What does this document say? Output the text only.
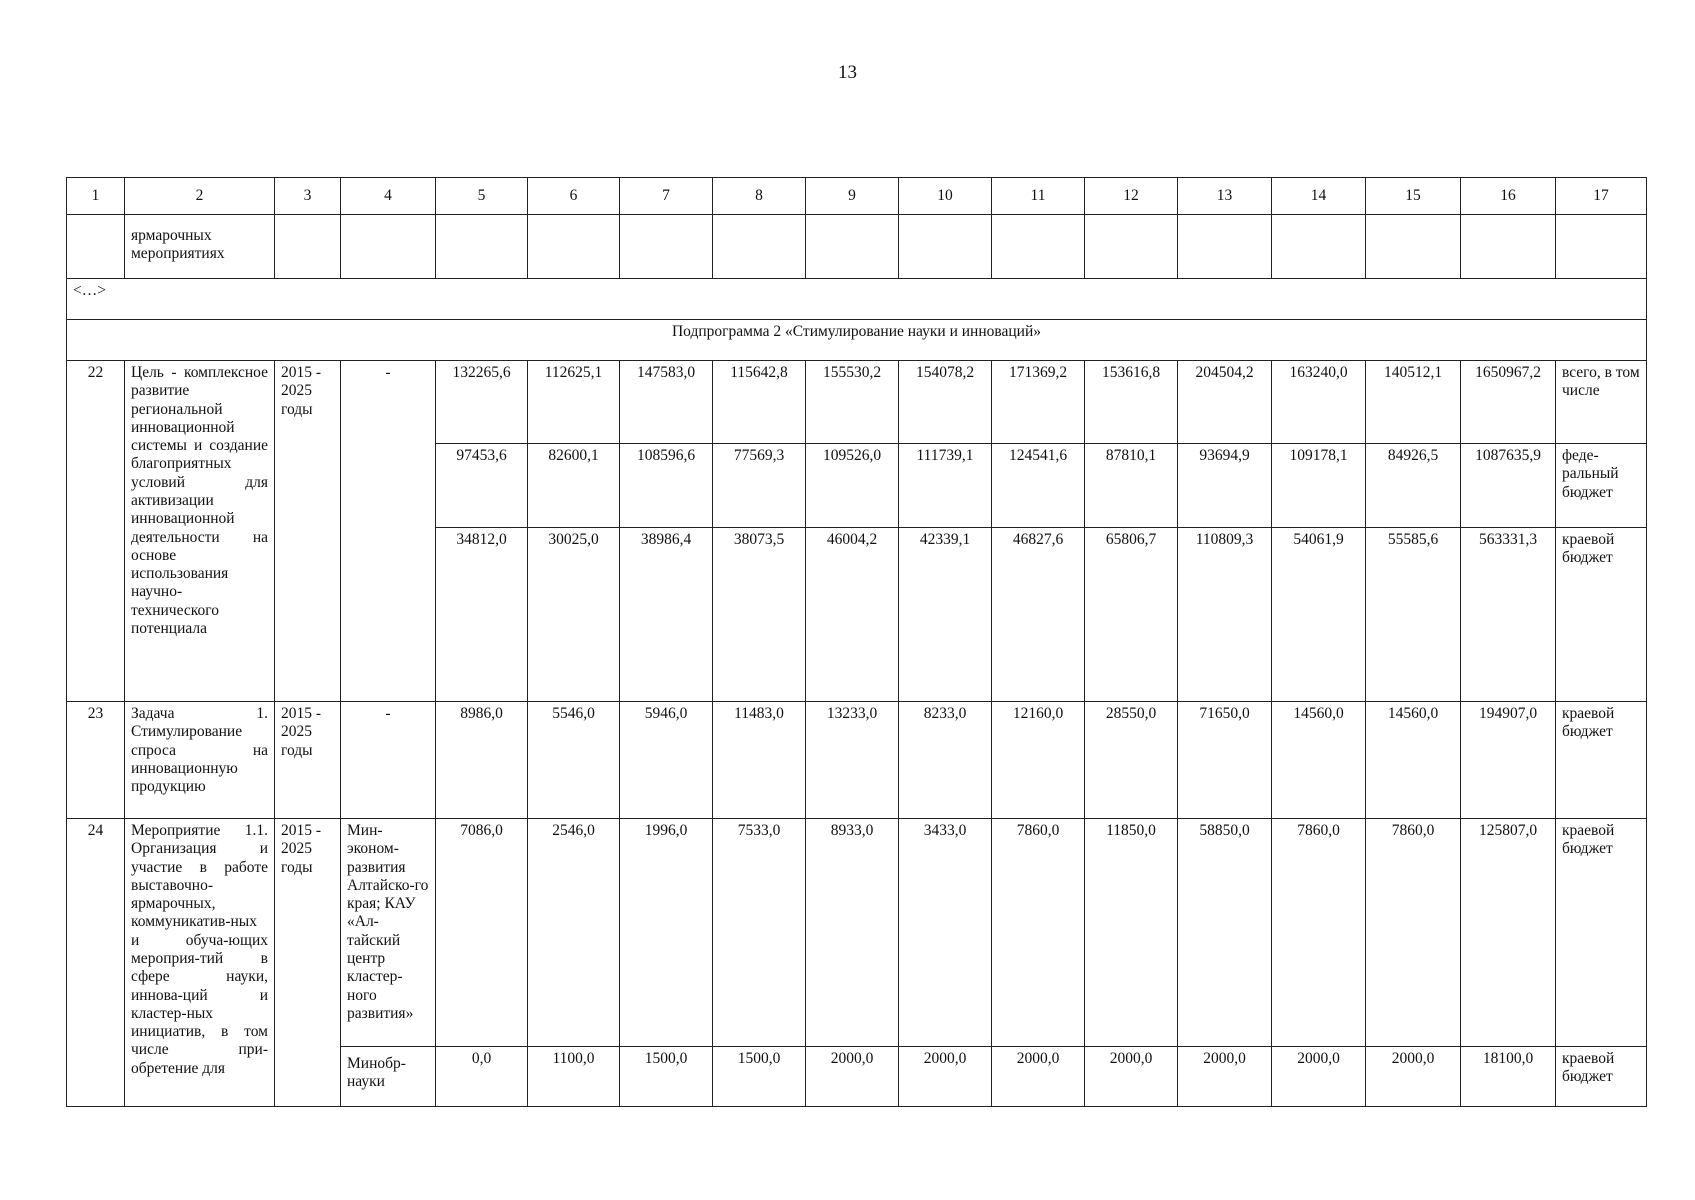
13
1	2	3	4	5	6	7	8	9	10	11	12	13	14	15	16	17
	ярмарочных мероприятиях															
<…>																
Подпрограмма 2 «Стимулирование науки и инноваций»																
22	Цель - комплексное развитие региональной инновационной системы и создание благоприятных условий для активизации инновационной деятельности на основе использования научно-технического потенциала	2015 - 2025 годы	-	132265,6	112625,1	147583,0	115642,8	155530,2	154078,2	171369,2	153616,8	204504,2	163240,0	140512,1	1650967,2	всего, в том числе
				97453,6	82600,1	108596,6	77569,3	109526,0	111739,1	124541,6	87810,1	93694,9	109178,1	84926,5	1087635,9	феде-ральный бюджет
				34812,0	30025,0	38986,4	38073,5	46004,2	42339,1	46827,6	65806,7	110809,3	54061,9	55585,6	563331,3	краевой бюджет
23	Задача 1. Стимулирование спроса на инновационную продукцию	2015 - 2025 годы	-	8986,0	5546,0	5946,0	11483,0	13233,0	8233,0	12160,0	28550,0	71650,0	14560,0	14560,0	194907,0	краевой бюджет
24	Мероприятие 1.1. Организация и участие в работе выставочно-ярмарочных, коммуникатив-ных и обуча-ющих мероприя-тий в сфере науки, иннова-ций и кластер-ных инициатив, в том числе при-обретение для	2015 - 2025 годы	Мин-эконом-развития Алтайско-го края; КАУ «Ал-тайский центр кластер-ного развития»	7086,0	2546,0	1996,0	7533,0	8933,0	3433,0	7860,0	11850,0	58850,0	7860,0	7860,0	125807,0	краевой бюджет
			Минобр-науки	0,0	1100,0	1500,0	1500,0	2000,0	2000,0	2000,0	2000,0	2000,0	2000,0	2000,0	18100,0	краевой бюджет
